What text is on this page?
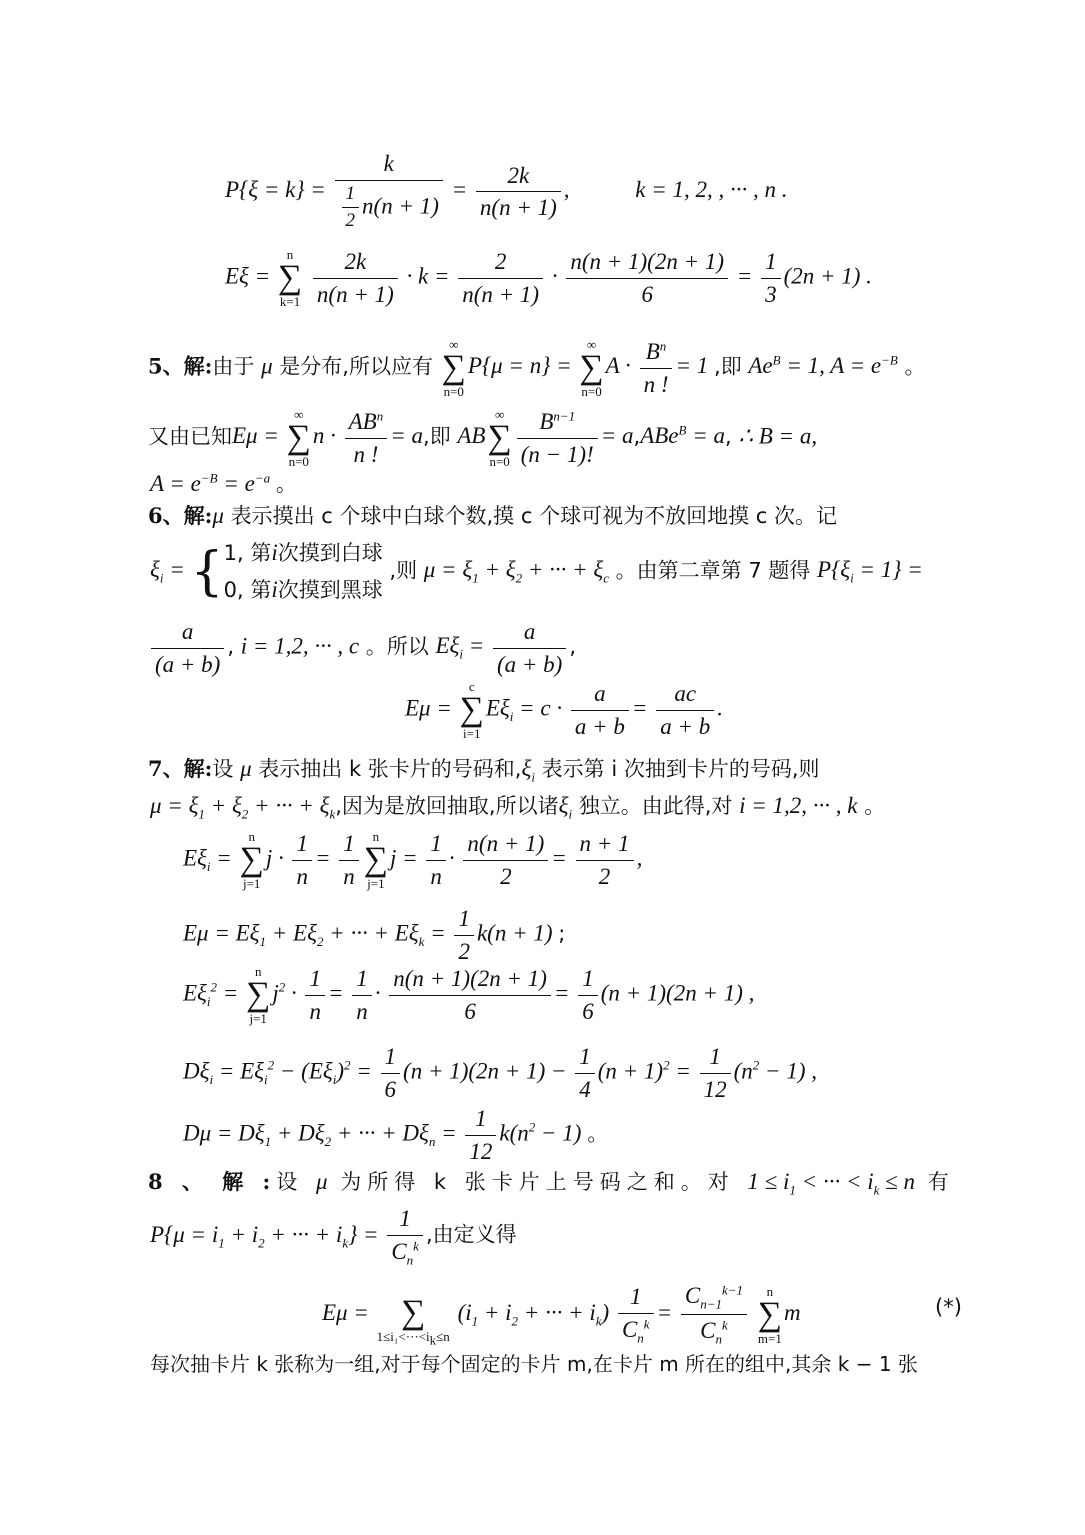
$P\{\xi = k\} = \frac{k}{\frac{1}{2} n(n + 1)} = \frac{2k}{n(n + 1)}$ ,	k = 1, 2, , ··· , n .
Eξ =
n
∑
k=1
$\frac{2k}{n(n + 1)} \cdot k = \frac{2}{n(n + 1)} \cdot \frac{n(n + 1)(2n + 1)}{6} = \frac{1}{3} (2n + 1)$ .
5、解:由于 μ 是分布,所以应有
∞
∑
n=0
P{μ = n} =
∞
∑
n=0
$A \cdot \frac{B^n}{n !} = 1$ ,即 $Ae^B = 1$, $A = e^{-B}$ 。
又由已知Eμ =
∞
∑
n=0
$n \cdot \frac{AB^n}{n !} = a$,即 AB
∞
∑
$n=0 \frac{B^{n-1}}{(n - 1)!} = a,ABe^B = a$, ∴ B = a,
$A = e^{-B} = e^{-a}$ 。
6、解:μ 表示摸出 c 个球中白球个数,摸 c 个球可视为不放回地摸 c 次。记
$\xi_i = \{1$, 第i次摸到白球
0, 第i次摸到黑球 ,则 $\mu = \xi_1 + \xi_2$ + ··· + $\xi_c$ 。由第二章第 7 题得 $P\{\xi_i = 1\}$ =
$\frac{a}{(a + b)}$ , i = 1,2, ··· , c 。所以 $E\xi_i = \frac{a}{(a + b)}$ ,
Eμ =
c
∑
i=1
$E\xi_i = c \cdot \frac{a}{a + b} = \frac{ac}{a + b}$ .
7、解:设 μ 表示抽出 k 张卡片的号码和$,\xi_i$ 表示第 i 次抽到卡片的号码,则
$\mu = \xi_1 + \xi_2$ + ··· + $\xi_k$,因为是放回抽取,所以诸$\xi_i$ 独立。由此得,对 i = 1,2, ··· , k 。
$E\xi_i$ =
n
∑
j=1
$j \cdot \frac{1}{n} = \frac{1}{n}$	n
∑
j=1
$j = \frac{1}{n} \cdot \frac{n(n + 1)}{2} = \frac{n + 1}{2}$ ,
$E\mu = E\xi_1 + E\xi_2$ + ··· + $E\xi_k = \frac{1}{2} k(n + 1)$ ;
$E\xi_i^2$ =
n
∑
j=1
$j^2 \cdot \frac{1}{n} = \frac{1}{n} \cdot \frac{n(n + 1)(2n + 1)}{6} = \frac{1}{6} (n + 1)(2n + 1)$ ,
$D\xi_i = E\xi_i^2 - (E\xi_i)^2 = \frac{1}{6} (n + 1)(2n + 1) - \frac{1}{4} (n + 1)^2 = \frac{1}{12} (n^2 - 1)$ ,
$D\mu = D\xi_1 + D\xi_2$ + ··· + $D\xi_n = \frac{1}{12} k(n^2 - 1)$ 。
8 、 解 :设 μ 为所得 k 张卡片上号码之和。对 $1 \le i_1$ < ··· < $i_k \le n$ 有
$P\{\mu = i_1 + i_2$ + ··· + $i_k\} = \frac{1}{C_n^k}$ ,由定义得
Eμ =
∑
$1\le i_1<\cdot\cdot\cdot<i_k\le n$
($i_1 + i_2$ + ··· + $i_k) \frac{1}{C_n^k} = \frac{C_{n-1}^{k-1}}{C_n^k}$
	n
∑
m=1
m	(*)
每次抽卡片 k 张称为一组,对于每个固定的卡片 m,在卡片 m 所在的组中,其余 k − 1 张
